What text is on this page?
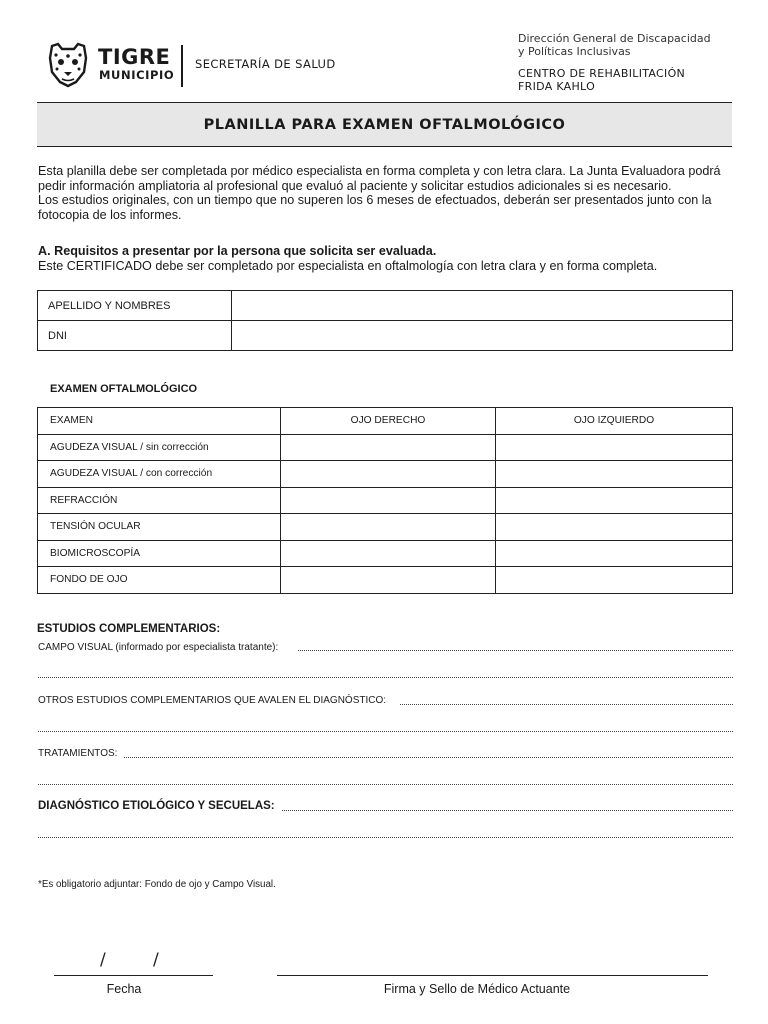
TIGRE
MUNICIPIO
SECRETARÍA DE SALUD
Dirección General de Discapacidad
y Políticas Inclusivas
CENTRO DE REHABILITACIÓN
FRIDA KAHLO
PLANILLA PARA EXAMEN OFTALMOLÓGICO

Esta planilla debe ser completada por médico especialista en forma completa y con letra clara. La Junta Evaluadora podrá

pedir información ampliatoria al profesional que evaluó al paciente y solicitar estudios adicionales si es necesario.

Los estudios originales, con un tiempo que no superen los 6 meses de efectuados, deberán ser presentados junto con la

fotocopia de los informes.

A. Requisitos a presentar por la persona que solicita ser evaluada.
Este CERTIFICADO debe ser completado por especialista en oftalmología con letra clara y en forma completa.
APELLIDO Y NOMBRES	
DNI	
EXAMEN OFTALMOLÓGICO
EXAMEN	OJO DERECHO	OJO IZQUIERDO
AGUDEZA VISUAL / sin corrección		
AGUDEZA VISUAL / con corrección		
REFRACCIÓN		
TENSIÓN OCULAR		
BIOMICROSCOPÍA		
FONDO DE OJO		
ESTUDIOS COMPLEMENTARIOS:
CAMPO VISUAL (informado por especialista tratante):
OTROS ESTUDIOS COMPLEMENTARIOS QUE AVALEN EL DIAGNÓSTICO:
TRATAMIENTOS:
DIAGNÓSTICO ETIOLÓGICO Y SECUELAS:
*Es obligatorio adjuntar: Fondo de ojo y Campo Visual.
/	/
Fecha	Firma y Sello de Médico Actuante
